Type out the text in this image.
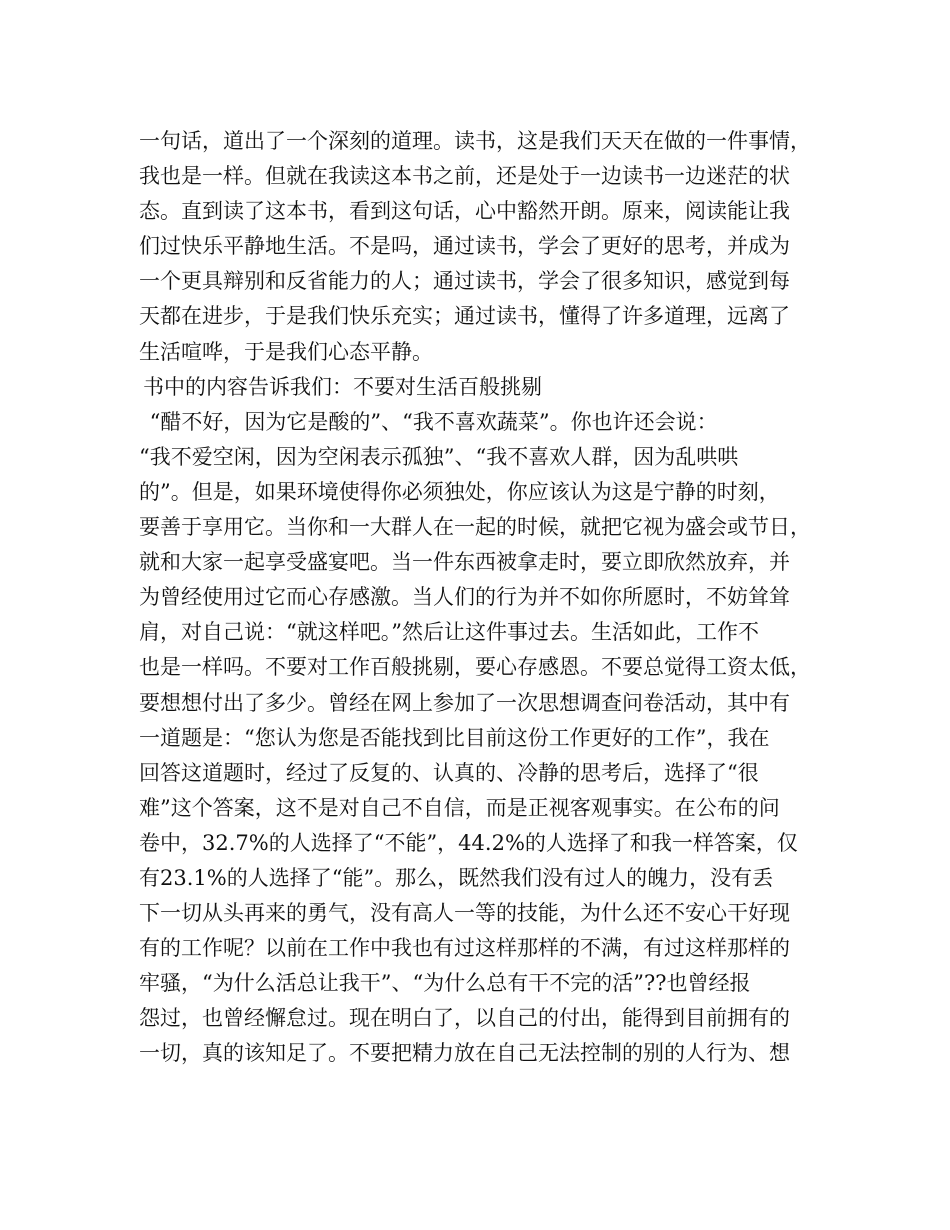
一句话，道出了一个深刻的道理。读书，这是我们天天在做的一件事情，
我也是一样。但就在我读这本书之前，还是处于一边读书一边迷茫的状
态。直到读了这本书，看到这句话，心中豁然开朗。原来，阅读能让我
们过快乐平静地生活。不是吗，通过读书，学会了更好的思考，并成为
一个更具辩别和反省能力的人；通过读书，学会了很多知识，感觉到每
天都在进步，于是我们快乐充实；通过读书，懂得了许多道理，远离了
生活喧哗，于是我们心态平静。
书中的内容告诉我们：不要对生活百般挑剔
“醋不好，因为它是酸的”、“我不喜欢蔬菜”。你也许还会说：
“我不爱空闲，因为空闲表示孤独”、“我不喜欢人群，因为乱哄哄
的”。但是，如果环境使得你必须独处，你应该认为这是宁静的时刻，
要善于享用它。当你和一大群人在一起的时候，就把它视为盛会或节日，
就和大家一起享受盛宴吧。当一件东西被拿走时，要立即欣然放弃，并
为曾经使用过它而心存感激。当人们的行为并不如你所愿时，不妨耸耸
肩，对自己说：“就这样吧。”然后让这件事过去。生活如此，工作不
也是一样吗。不要对工作百般挑剔，要心存感恩。不要总觉得工资太低，
要想想付出了多少。曾经在网上参加了一次思想调查问卷活动，其中有
一道题是：“您认为您是否能找到比目前这份工作更好的工作”，我在
回答这道题时，经过了反复的、认真的、冷静的思考后，选择了“很
难”这个答案，这不是对自己不自信，而是正视客观事实。在公布的问
卷中，32.7%的人选择了“不能”，44.2%的人选择了和我一样答案，仅
有23.1%的人选择了“能”。那么，既然我们没有过人的魄力，没有丢
下一切从头再来的勇气，没有高人一等的技能，为什么还不安心干好现
有的工作呢？以前在工作中我也有过这样那样的不满，有过这样那样的
牢骚，“为什么活总让我干”、“为什么总有干不完的活”??也曾经报
怨过，也曾经懈怠过。现在明白了，以自己的付出，能得到目前拥有的
一切，真的该知足了。不要把精力放在自己无法控制的别的人行为、想
